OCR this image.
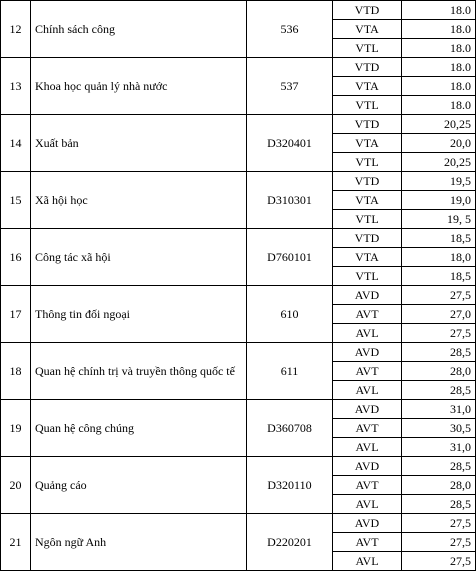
12	Chính sách công	536	VTD	18.0
			VTA	18.0
			VTL	18.0
13	Khoa học quản lý nhà nước	537	VTD	18.0
			VTA	18.0
			VTL	18.0
14	Xuất bản	D320401	VTD	20,25
			VTA	20,0
			VTL	20,25
15	Xã hội học	D310301	VTD	19,5
			VTA	19,0
			VTL	19, 5
16	Công tác xã hội	D760101	VTD	18,5
			VTA	18,0
			VTL	18,5
17	Thông tin đối ngoại	610	AVD	27,5
			AVT	27,0
			AVL	27,5
18	Quan hệ chính trị và truyền thông quốc tế	611	AVD	28,5
			AVT	28,0
			AVL	28,5
19	Quan hệ công chúng	D360708	AVD	31,0
			AVT	30,5
			AVL	31,0
20	Quảng cáo	D320110	AVD	28,5
			AVT	28,0
			AVL	28,5
21	Ngôn ngữ Anh	D220201	AVD	27,5
			AVT	27,5
			AVL	27,5
